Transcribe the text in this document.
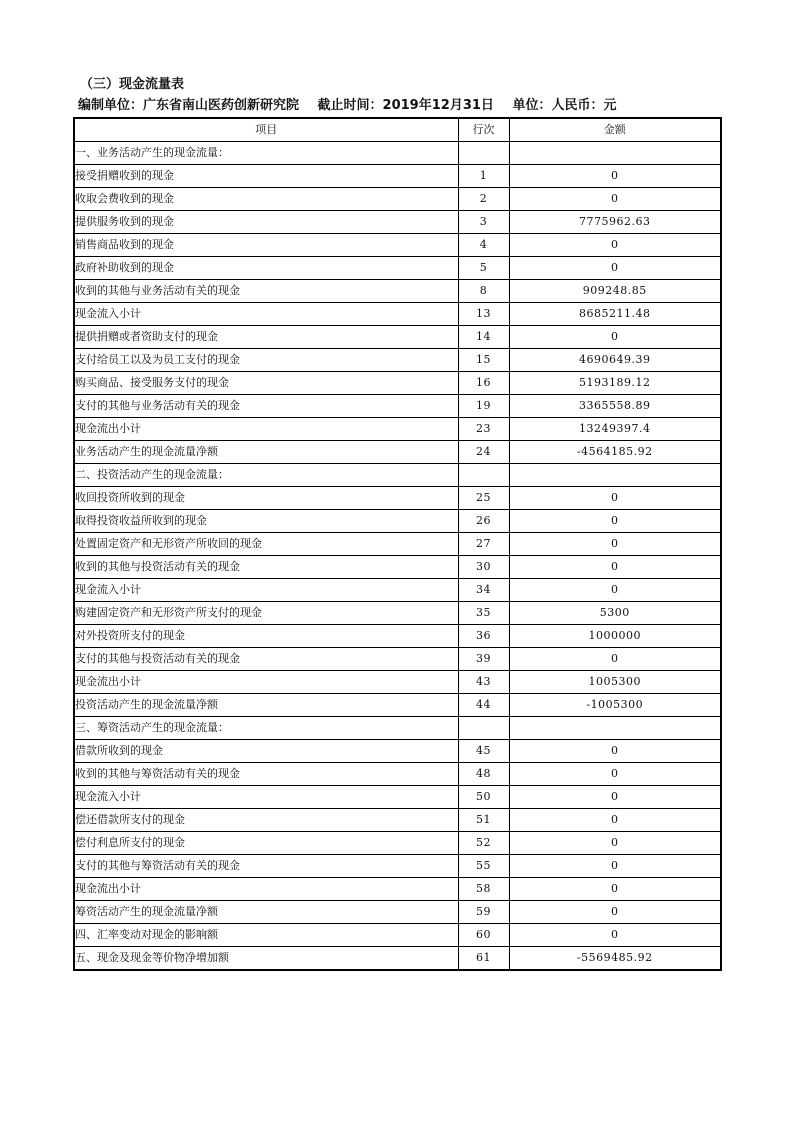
（三）现金流量表
编制单位：广东省南山医药创新研究院 截止时间：2019年12月31日 单位：人民币：元
项目	行次	金额
一、业务活动产生的现金流量：		
接受捐赠收到的现金	1	0
收取会费收到的现金	2	0
提供服务收到的现金	3	7775962.63
销售商品收到的现金	4	0
政府补助收到的现金	5	0
收到的其他与业务活动有关的现金	8	909248.85
现金流入小计	13	8685211.48
提供捐赠或者资助支付的现金	14	0
支付给员工以及为员工支付的现金	15	4690649.39
购买商品、接受服务支付的现金	16	5193189.12
支付的其他与业务活动有关的现金	19	3365558.89
现金流出小计	23	13249397.4
业务活动产生的现金流量净额	24	-4564185.92
二、投资活动产生的现金流量：		
收回投资所收到的现金	25	0
取得投资收益所收到的现金	26	0
处置固定资产和无形资产所收回的现金	27	0
收到的其他与投资活动有关的现金	30	0
现金流入小计	34	0
购建固定资产和无形资产所支付的现金	35	5300
对外投资所支付的现金	36	1000000
支付的其他与投资活动有关的现金	39	0
现金流出小计	43	1005300
投资活动产生的现金流量净额	44	-1005300
三、筹资活动产生的现金流量：		
借款所收到的现金	45	0
收到的其他与筹资活动有关的现金	48	0
现金流入小计	50	0
偿还借款所支付的现金	51	0
偿付利息所支付的现金	52	0
支付的其他与筹资活动有关的现金	55	0
现金流出小计	58	0
筹资活动产生的现金流量净额	59	0
四、汇率变动对现金的影响额	60	0
五、现金及现金等价物净增加额	61	-5569485.92
